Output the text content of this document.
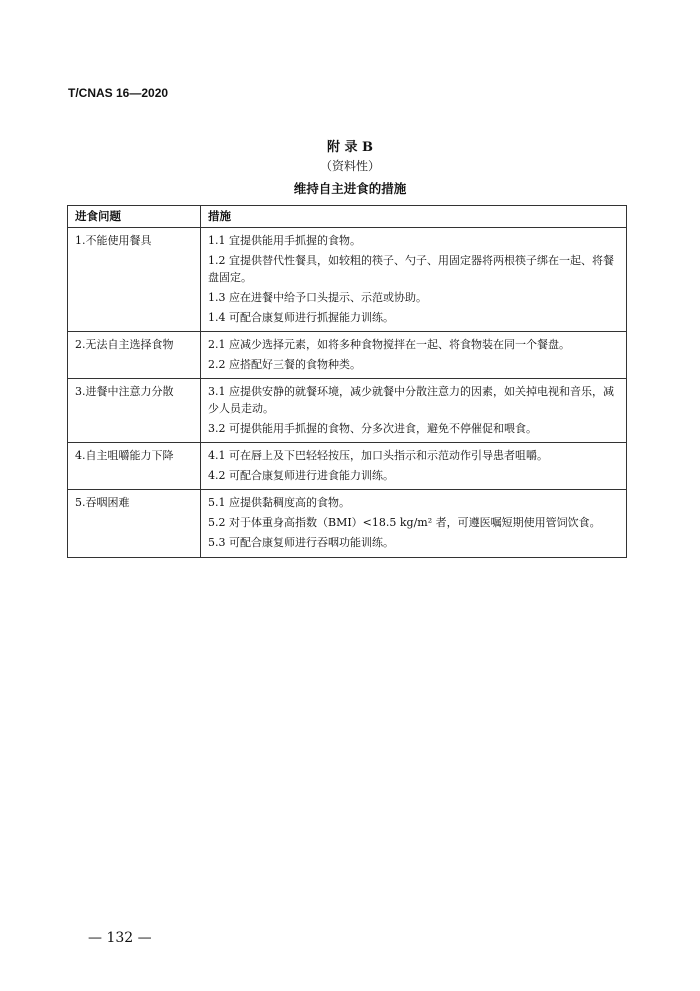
T/CNAS 16—2020
附 录 B
（资料性）
维持自主进食的措施
进食问题	措施
1.不能使用餐具	1.1 宜提供能用手抓握的食物。
1.2 宜提供替代性餐具，如较粗的筷子、勺子、用固定器将两根筷子绑在一起、将餐盘固定。
1.3 应在进餐中给予口头提示、示范或协助。
1.4 可配合康复师进行抓握能力训练。

2.无法自主选择食物	2.1 应减少选择元素，如将多种食物搅拌在一起、将食物装在同一个餐盘。
2.2 应搭配好三餐的食物种类。

3.进餐中注意力分散	3.1 应提供安静的就餐环境，减少就餐中分散注意力的因素，如关掉电视和音乐，减少人员走动。
3.2 可提供能用手抓握的食物、分多次进食，避免不停催促和喂食。

4.自主咀嚼能力下降	4.1 可在唇上及下巴轻轻按压，加口头指示和示范动作引导患者咀嚼。
4.2 可配合康复师进行进食能力训练。

5.吞咽困难	5.1 应提供黏稠度高的食物。
5.2 对于体重身高指数（BMI）<18.5 kg/m² 者，可遵医嘱短期使用管饲饮食。
5.3 可配合康复师进行吞咽功能训练。
— 132 —
